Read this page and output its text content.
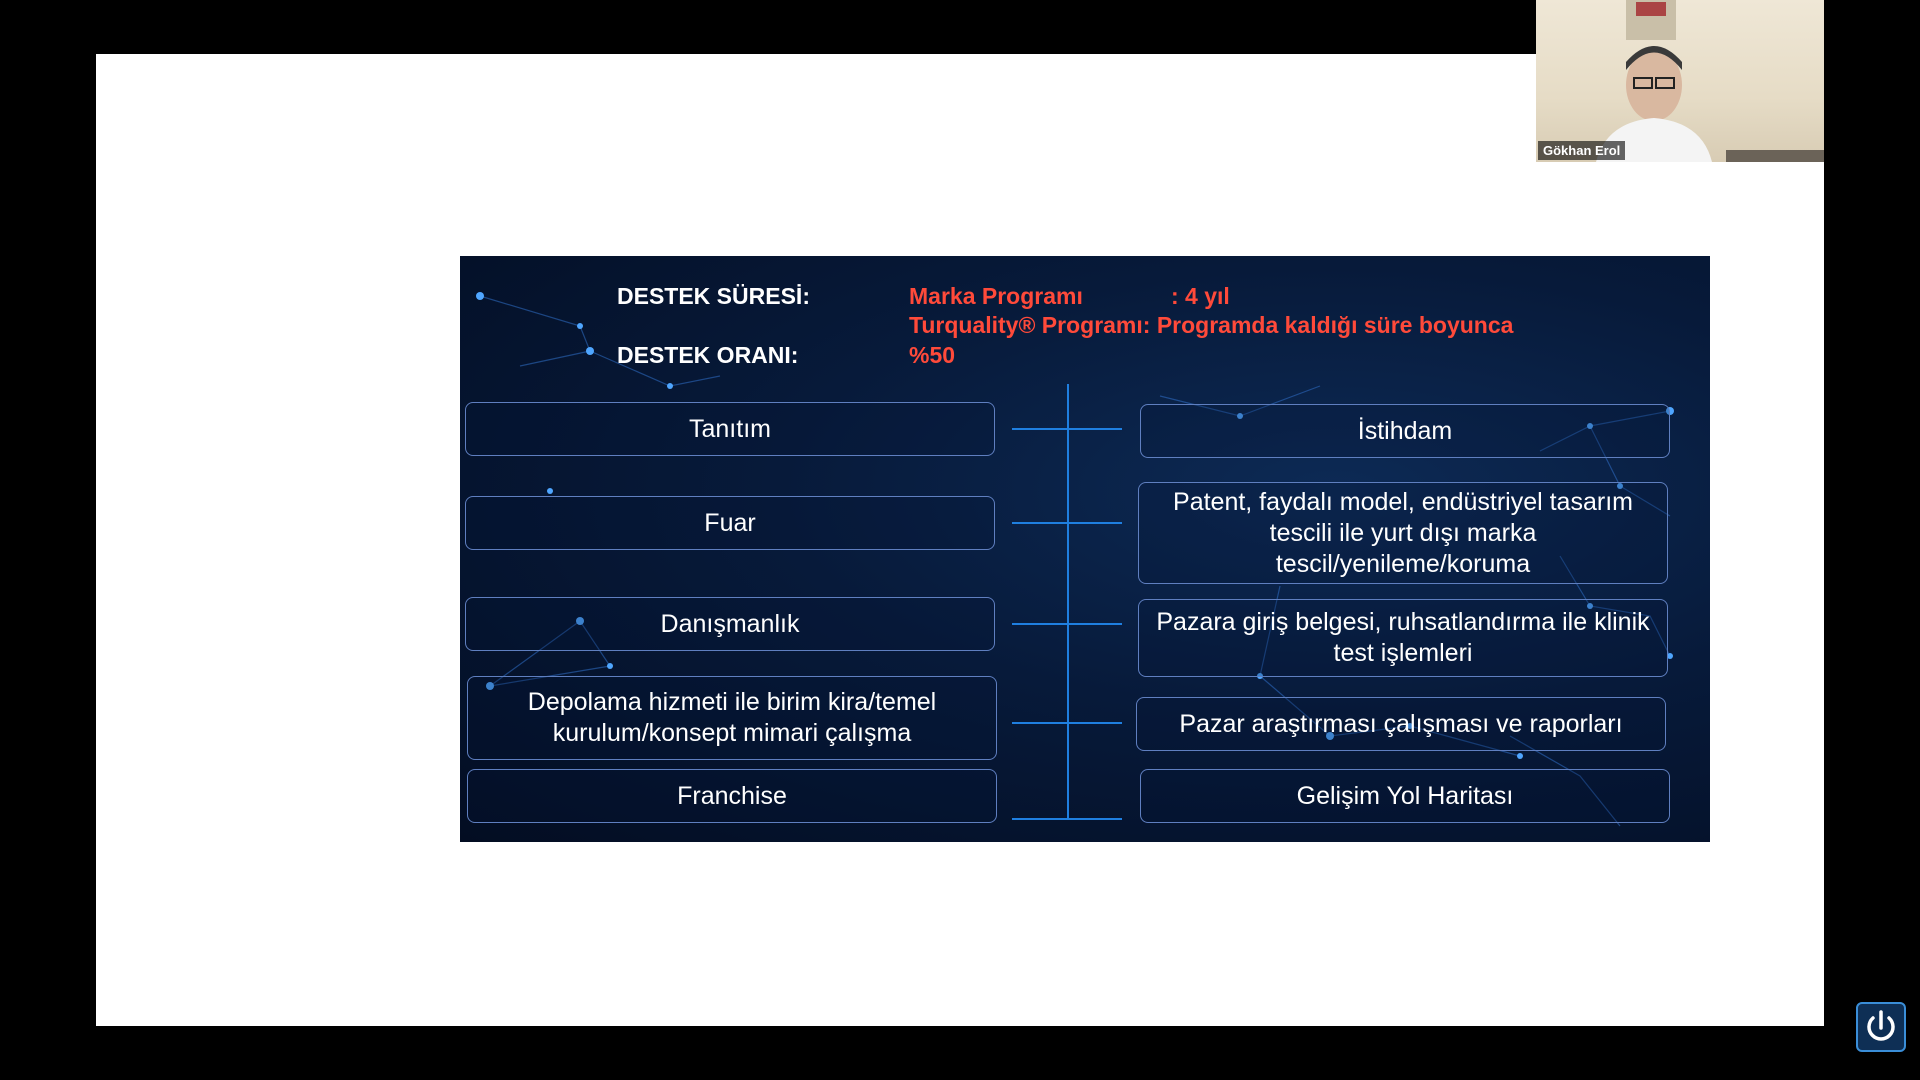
DESTEK SÜRESİ:
DESTEK ORANI:
Marka Programı	: 4 yıl
Turquality® Programı: Programda kaldığı süre boyunca
%50
Tanıtım
Fuar
Danışmanlık
Depolama hizmeti ile birim kira/temel kurulum/konsept mimari çalışma
Franchise
İstihdam
Patent, faydalı model, endüstriyel tasarım tescili ile yurt dışı marka tescil/yenileme/koruma
Pazara giriş belgesi, ruhsatlandırma ile klinik test işlemleri
Pazar araştırması çalışması ve raporları
Gelişim Yol Haritası
Gökhan Erol
